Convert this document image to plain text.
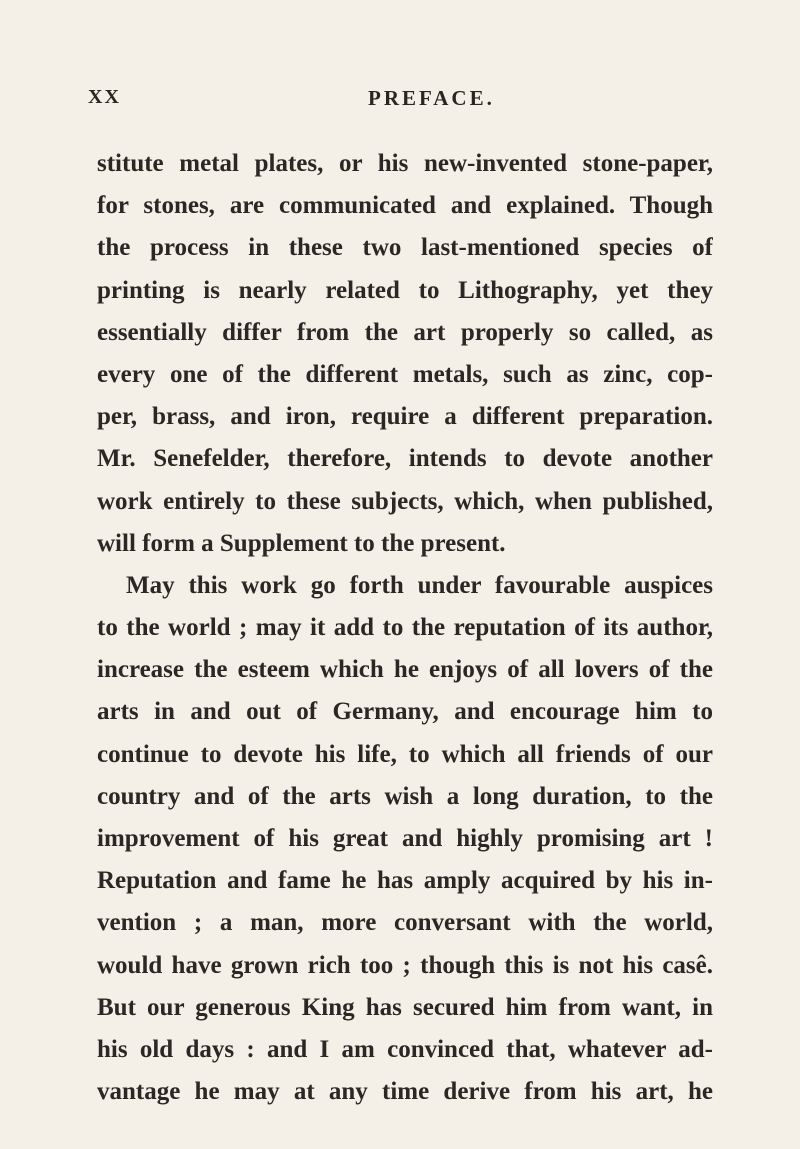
XX	PREFACE.
stitute metal plates, or his new-invented stone-paper,
for stones, are communicated and explained. Though
the process in these two last-mentioned species of
printing is nearly related to Lithography, yet they
essentially differ from the art properly so called, as
every one of the different metals, such as zinc, cop-
per, brass, and iron, require a different preparation.
Mr. Senefelder, therefore, intends to devote another
work entirely to these subjects, which, when published,
will form a Supplement to the present.
May this work go forth under favourable auspices
to the world ; may it add to the reputation of its author,
increase the esteem which he enjoys of all lovers of the
arts in and out of Germany, and encourage him to
continue to devote his life, to which all friends of our
country and of the arts wish a long duration, to the
improvement of his great and highly promising art !
Reputation and fame he has amply acquired by his in-
vention ; a man, more conversant with the world,
would have grown rich too ; though this is not his casê.
But our generous King has secured him from want, in
his old days : and I am convinced that, whatever ad-
vantage he may at any time derive from his art, he
